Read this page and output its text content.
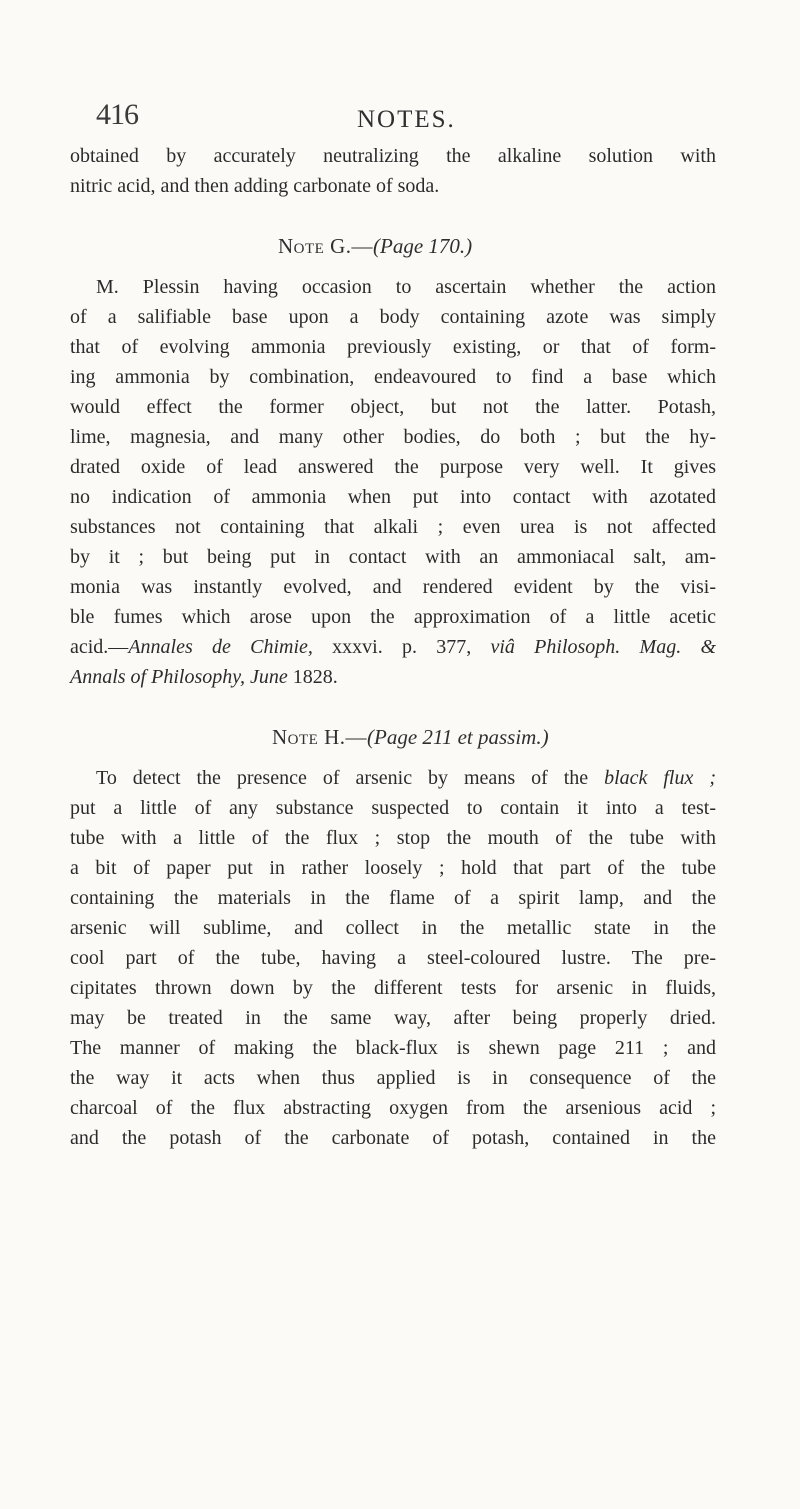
416	NOTES.
obtained by accurately neutralizing the alkaline solution with
nitric acid, and then adding carbonate of soda.
Note G.—(Page 170.)
M. Plessin having occasion to ascertain whether the action
of a salifiable base upon a body containing azote was simply
that of evolving ammonia previously existing, or that of form-
ing ammonia by combination, endeavoured to find a base which
would effect the former object, but not the latter. Potash,
lime, magnesia, and many other bodies, do both ; but the hy-
drated oxide of lead answered the purpose very well. It gives
no indication of ammonia when put into contact with azotated
substances not containing that alkali ; even urea is not affected
by it ; but being put in contact with an ammoniacal salt, am-
monia was instantly evolved, and rendered evident by the visi-
ble fumes which arose upon the approximation of a little acetic
acid.—Annales de Chimie, xxxvi. p. 377, viâ Philosoph. Mag. &
Annals of Philosophy, June 1828.
Note H.—(Page 211 et passim.)
To detect the presence of arsenic by means of the black flux ;
put a little of any substance suspected to contain it into a test-
tube with a little of the flux ; stop the mouth of the tube with
a bit of paper put in rather loosely ; hold that part of the tube
containing the materials in the flame of a spirit lamp, and the
arsenic will sublime, and collect in the metallic state in the
cool part of the tube, having a steel-coloured lustre. The pre-
cipitates thrown down by the different tests for arsenic in fluids,
may be treated in the same way, after being properly dried.
The manner of making the black-flux is shewn page 211 ; and
the way it acts when thus applied is in consequence of the
charcoal of the flux abstracting oxygen from the arsenious acid ;
and the potash of the carbonate of potash, contained in the
